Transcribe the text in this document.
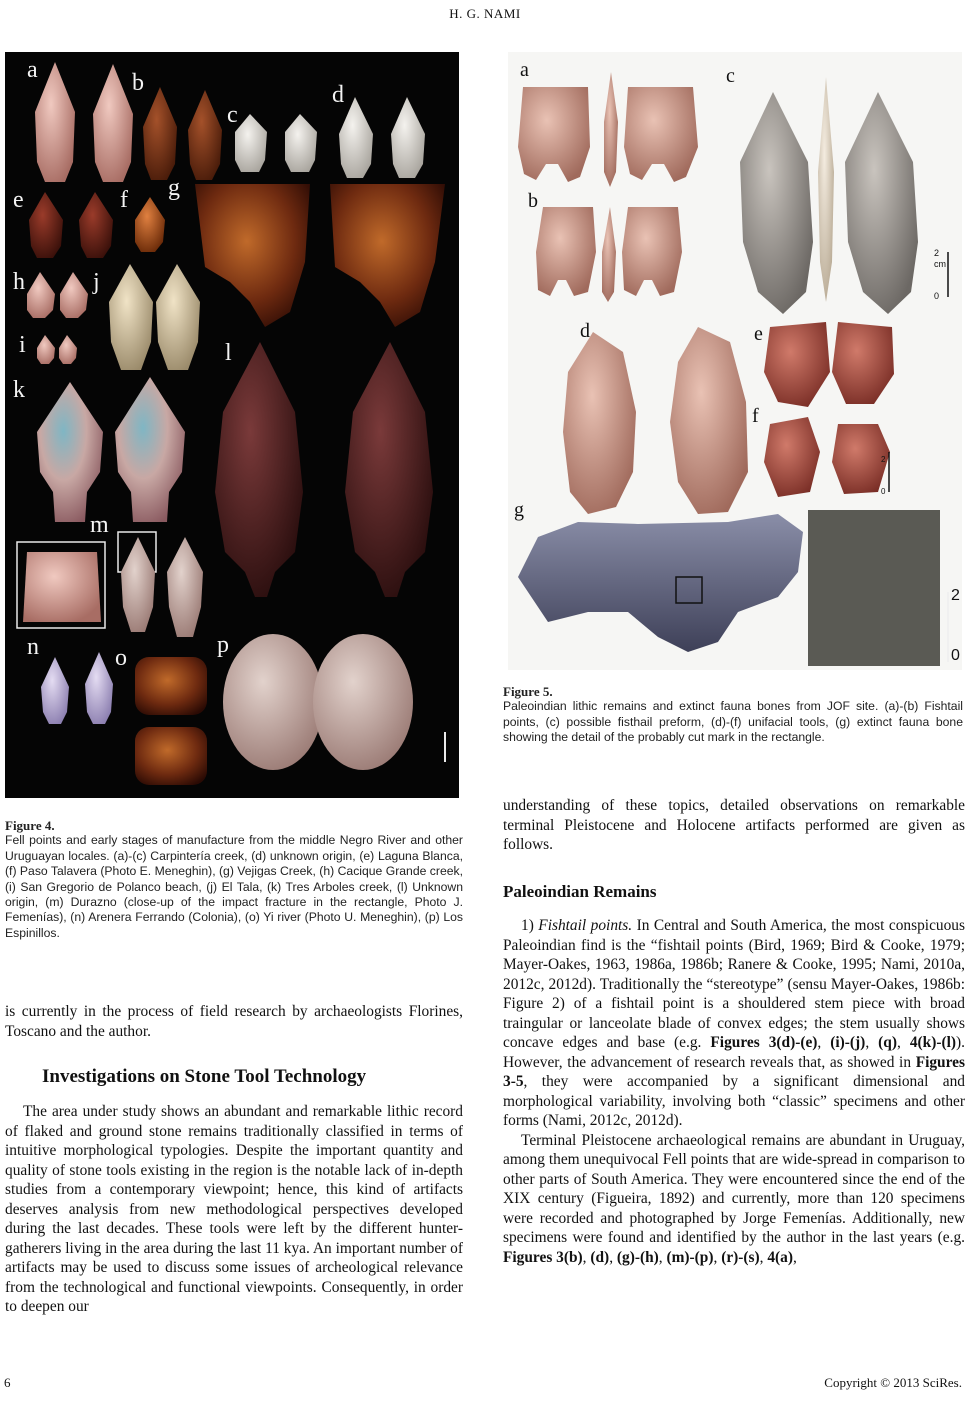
H. G. NAMI
a	b
c
d
e	f g
h	j
i
k
l
m
n	o	p
cm
2
0
2
0
2
0
a
b
c
d	e
f
g
Figure 5.
Paleoindian lithic remains and extinct fauna bones from JOF site. (a)-(b) Fishtail points, (c) possible fisthail preform, (d)-(f) unifacial tools, (g) extinct fauna bone showing the detail of the probably cut mark in the rectangle.
Figure 4.
Fell points and early stages of manufacture from the middle Negro River and other Uruguayan locales. (a)-(c) Carpintería creek, (d) unknown origin, (e) Laguna Blanca, (f) Paso Talavera (Photo E. Meneghin), (g) Vejigas Creek, (h) Cacique Grande creek, (i) San Gregorio de Polanco beach, (j) El Tala, (k) Tres Arboles creek, (l) Unknown origin, (m) Durazno (close-up of the impact fracture in the rectangle, Photo J. Femenías), (n) Arenera Ferrando (Colonia), (o) Yi river (Photo U. Meneghin), (p) Los Espinillos.

is currently in the process of field research by archaeologists Florines, Toscano and the author.

Investigations on Stone Tool Technology

The area under study shows an abundant and remarkable lithic record of flaked and ground stone remains traditionally classified in terms of intuitive morphological typologies. Despite the important quantity and quality of stone tools existing in the region is the notable lack of in-depth studies from a contemporary viewpoint; hence, this kind of artifacts deserves analysis from new methodological perspectives developed during the last decades. These tools were left by the different hunter-gatherers living in the area during the last 11 kya. An important number of artifacts may be used to discuss some issues of archeological relevance from the technological and functional viewpoints. Consequently, in order to deepen our

understanding of these topics, detailed observations on remarkable terminal Pleistocene and Holocene artifacts performed are given as follows.

Paleoindian Remains

1) Fishtail points. In Central and South America, the most conspicuous Paleoindian find is the “fishtail points (Bird, 1969; Bird & Cooke, 1979; Mayer-Oakes, 1963, 1986a, 1986b; Ranere & Cooke, 1995; Nami, 2010a, 2012c, 2012d). Traditionally the “stereotype” (sensu Mayer-Oakes, 1986b: Figure 2) of a fishtail point is a shouldered stem piece with broad traingular or lanceolate blade of convex edges; the stem usually shows concave edges and base (e.g. Figures 3(d)-(e), (i)-(j), (q), 4(k)-(l)). However, the advancement of research reveals that, as showed in Figures 3-5, they were accompanied by a significant dimensional and morphological variability, involving both “classic” specimens and other forms (Nami, 2012c, 2012d).

Terminal Pleistocene archaeological remains are abundant in Uruguay, among them unequivocal Fell points that are wide-spread in comparison to other parts of South America. They were encountered since the end of the XIX century (Figueira, 1892) and currently, more than 120 specimens were recorded and photographed by Jorge Femenías. Additionally, new specimens were found and identified by the author in the last years (e.g. Figures 3(b), (d), (g)-(h), (m)-(p), (r)-(s), 4(a),

6	Copyright © 2013 SciRes.
